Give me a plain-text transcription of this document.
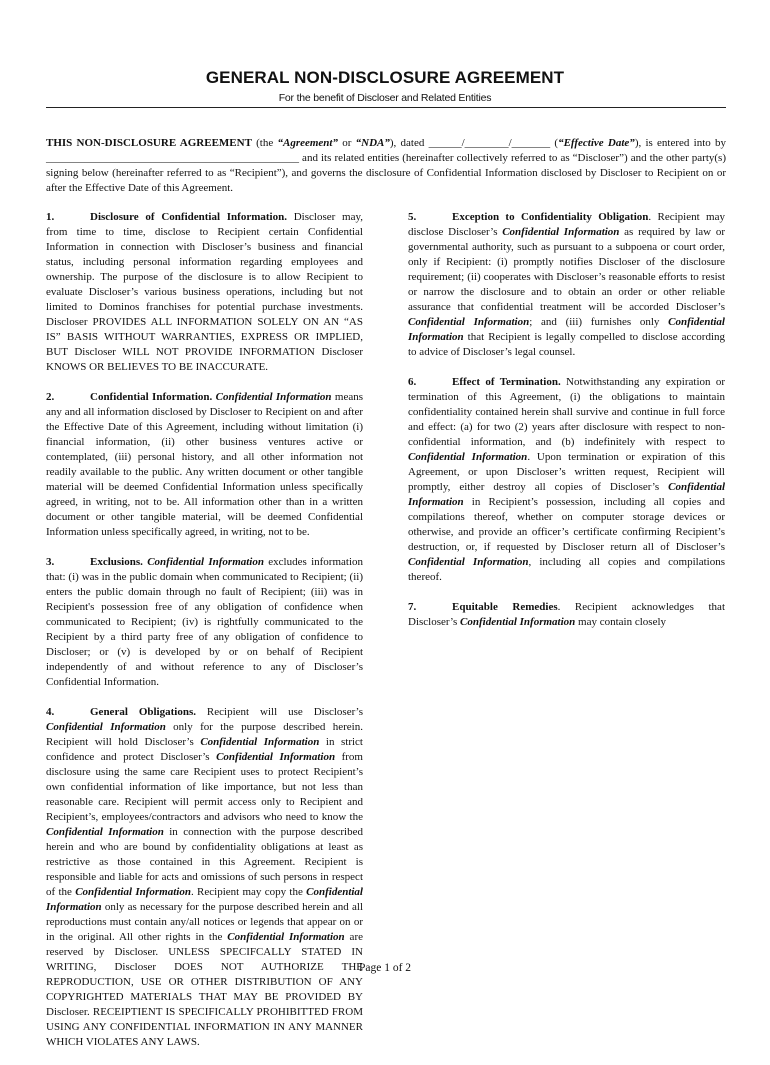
GENERAL NON-DISCLOSURE AGREEMENT
For the benefit of Discloser and Related Entities
THIS NON-DISCLOSURE AGREEMENT (the “Agreement” or “NDA”), dated ______/________/_______ (“Effective Date”), is entered into by ______________________________________________ and its related entities (hereinafter collectively referred to as “Discloser”) and the other party(s) signing below (hereinafter referred to as “Recipient”), and governs the disclosure of Confidential Information disclosed by Discloser to Recipient on or after the Effective Date of this Agreement.

1.	Disclosure of Confidential Information. Discloser may, from time to time, disclose to Recipient certain Confidential Information in connection with Discloser’s business and financial status, including personal information regarding employees and ownership. The purpose of the disclosure is to allow Recipient to evaluate Discloser’s various business operations, including but not limited to Dominos franchises for potential purchase investments. Discloser PROVIDES ALL INFORMATION SOLELY ON AN “AS IS” BASIS WITHOUT WARRANTIES, EXPRESS OR IMPLIED, BUT Discloser WILL NOT PROVIDE INFORMATION Discloser KNOWS OR BELIEVES TO BE INACCURATE.

2.	Confidential Information. Confidential Information means any and all information disclosed by Discloser to Recipient on and after the Effective Date of this Agreement, including without limitation (i) financial information, (ii) other business ventures active or contemplated, (iii) personal history, and all other information not readily available to the public. Any written document or other tangible material will be deemed Confidential Information unless specifically agreed, in writing, not to be. All information other than in a written document or other tangible material, will be deemed Confidential Information unless specifically agreed, in writing, not to be.

3.	Exclusions. Confidential Information excludes information that: (i) was in the public domain when communicated to Recipient; (ii) enters the public domain through no fault of Recipient; (iii) was in Recipient's possession free of any obligation of confidence when communicated to Recipient; (iv) is rightfully communicated to the Recipient by a third party free of any obligation of confidence to Discloser; or (v) is developed by or on behalf of Recipient independently of and without reference to any of Discloser’s Confidential Information.

4.	General Obligations. Recipient will use Discloser’s Confidential Information only for the purpose described herein. Recipient will hold Discloser’s Confidential Information in strict confidence and protect Discloser’s Confidential Information from disclosure using the same care Recipient uses to protect Recipient’s own confidential information of like importance, but not less than reasonable care. Recipient will permit access only to Recipient and Recipient’s, employees/contractors and advisors who need to know the Confidential Information in connection with the purpose described herein and who are bound by confidentiality obligations at least as restrictive as those contained in this Agreement. Recipient is responsible and liable for acts and omissions of such persons in respect of the Confidential Information. Recipient may copy the Confidential Information only as necessary for the purpose described herein and all reproductions must contain any/all notices or legends that appear on or in the original. All other rights in the Confidential Information are reserved by Discloser. UNLESS SPECIFCALLY STATED IN WRITING, Discloser DOES NOT AUTHORIZE THE REPRODUCTION, USE OR OTHER DISTRIBUTION OF ANY COPYRIGHTED MATERIALS THAT MAY BE PROVIDED BY Discloser. RECEIPTIENT IS SPECIFICALLY PROHIBITTED FROM USING ANY CONFIDENTIAL INFORMATION IN ANY MANNER WHICH VIOLATES ANY LAWS.

5.	Exception to Confidentiality Obligation. Recipient may disclose Discloser’s Confidential Information as required by law or governmental authority, such as pursuant to a subpoena or court order, only if Recipient: (i) promptly notifies Discloser of the disclosure requirement; (ii) cooperates with Discloser’s reasonable efforts to resist or narrow the disclosure and to obtain an order or other reliable assurance that confidential treatment will be accorded Discloser’s Confidential Information; and (iii) furnishes only Confidential Information that Recipient is legally compelled to disclose according to advice of Discloser’s legal counsel.

6.	Effect of Termination. Notwithstanding any expiration or termination of this Agreement, (i) the obligations to maintain confidentiality contained herein shall survive and continue in full force and effect: (a) for two (2) years after disclosure with respect to non-confidential information, and (b) indefinitely with respect to Confidential Information. Upon termination or expiration of this Agreement, or upon Discloser’s written request, Recipient will promptly, either destroy all copies of Discloser’s Confidential Information in Recipient’s possession, including all copies and compilations thereof, whether on computer storage devices or otherwise, and provide an officer’s certificate confirming Recipient’s destruction, or, if requested by Discloser return all of Discloser’s Confidential Information, including all copies and compilations thereof.

7.	Equitable Remedies. Recipient acknowledges that Discloser’s Confidential Information may contain closely

Page 1 of 2
